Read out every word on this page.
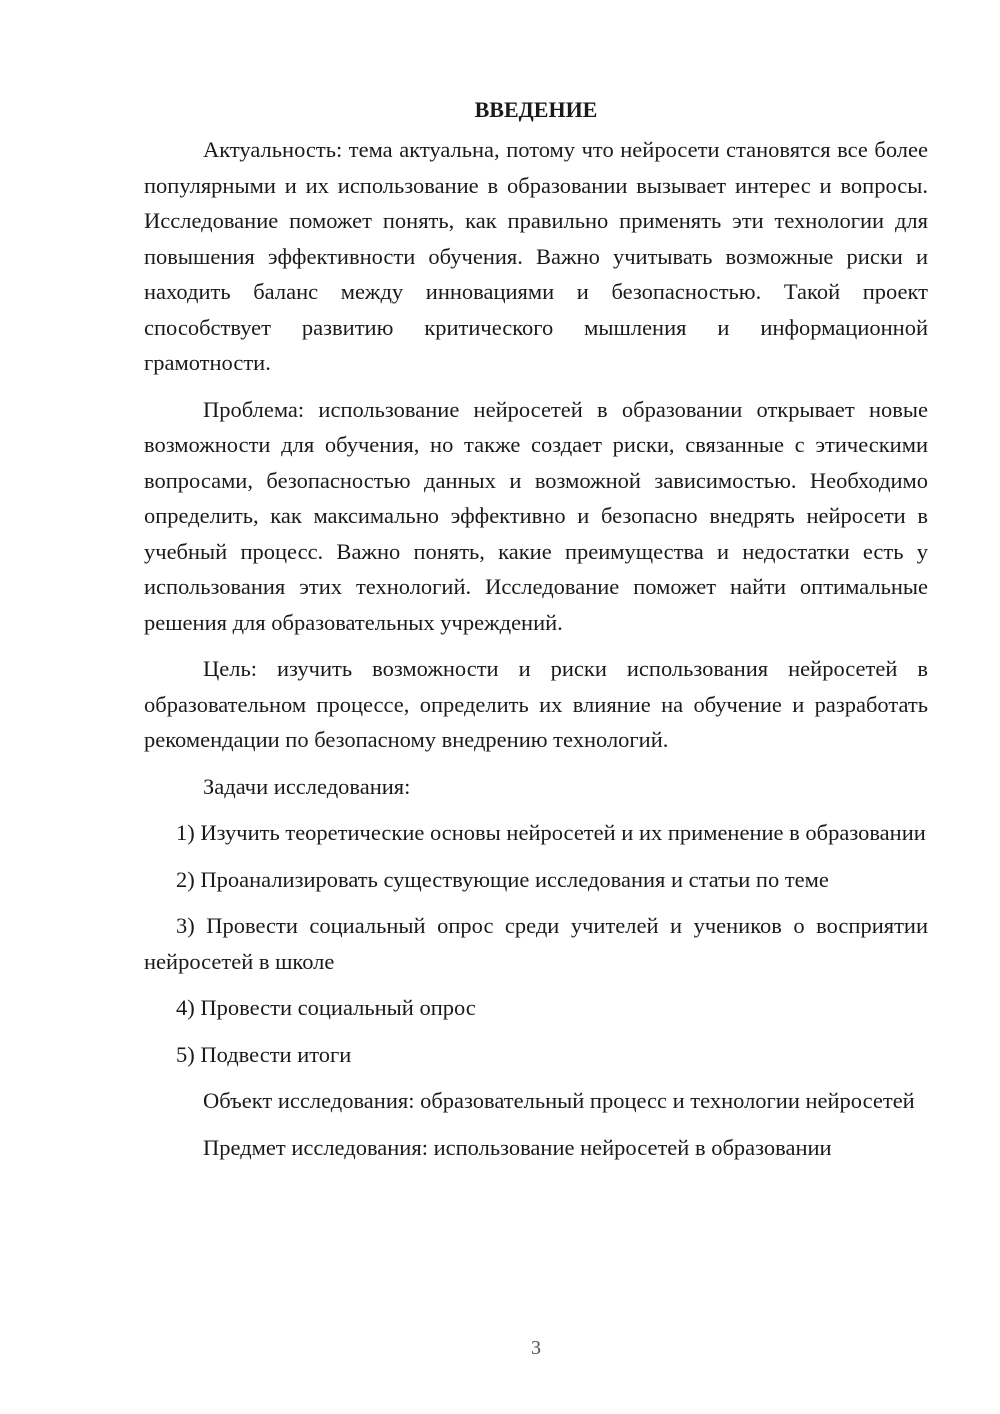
ВВЕДЕНИЕ

Актуальность: тема актуальна, потому что нейросети становятся все более популярными и их использование в образовании вызывает интерес и вопросы. Исследование поможет понять, как правильно применять эти технологии для повышения эффективности обучения. Важно учитывать возможные риски и находить баланс между инновациями и безопасностью. Такой проект способствует развитию критического мышления и информационной грамотности.

Проблема: использование нейросетей в образовании открывает новые возможности для обучения, но также создает риски, связанные с этическими вопросами, безопасностью данных и возможной зависимостью. Необходимо определить, как максимально эффективно и безопасно внедрять нейросети в учебный процесс. Важно понять, какие преимущества и недостатки есть у использования этих технологий. Исследование поможет найти оптимальные решения для образовательных учреждений.

Цель: изучить возможности и риски использования нейросетей в образовательном процессе, определить их влияние на обучение и разработать рекомендации по безопасному внедрению технологий.

Задачи исследования:

1) Изучить теоретические основы нейросетей и их применение в образовании

2) Проанализировать существующие исследования и статьи по теме

3) Провести социальный опрос среди учителей и учеников о восприятии нейросетей в школе

4) Провести социальный опрос

5) Подвести итоги

Объект исследования: образовательный процесс и технологии нейросетей

Предмет исследования: использование нейросетей в образовании

3
